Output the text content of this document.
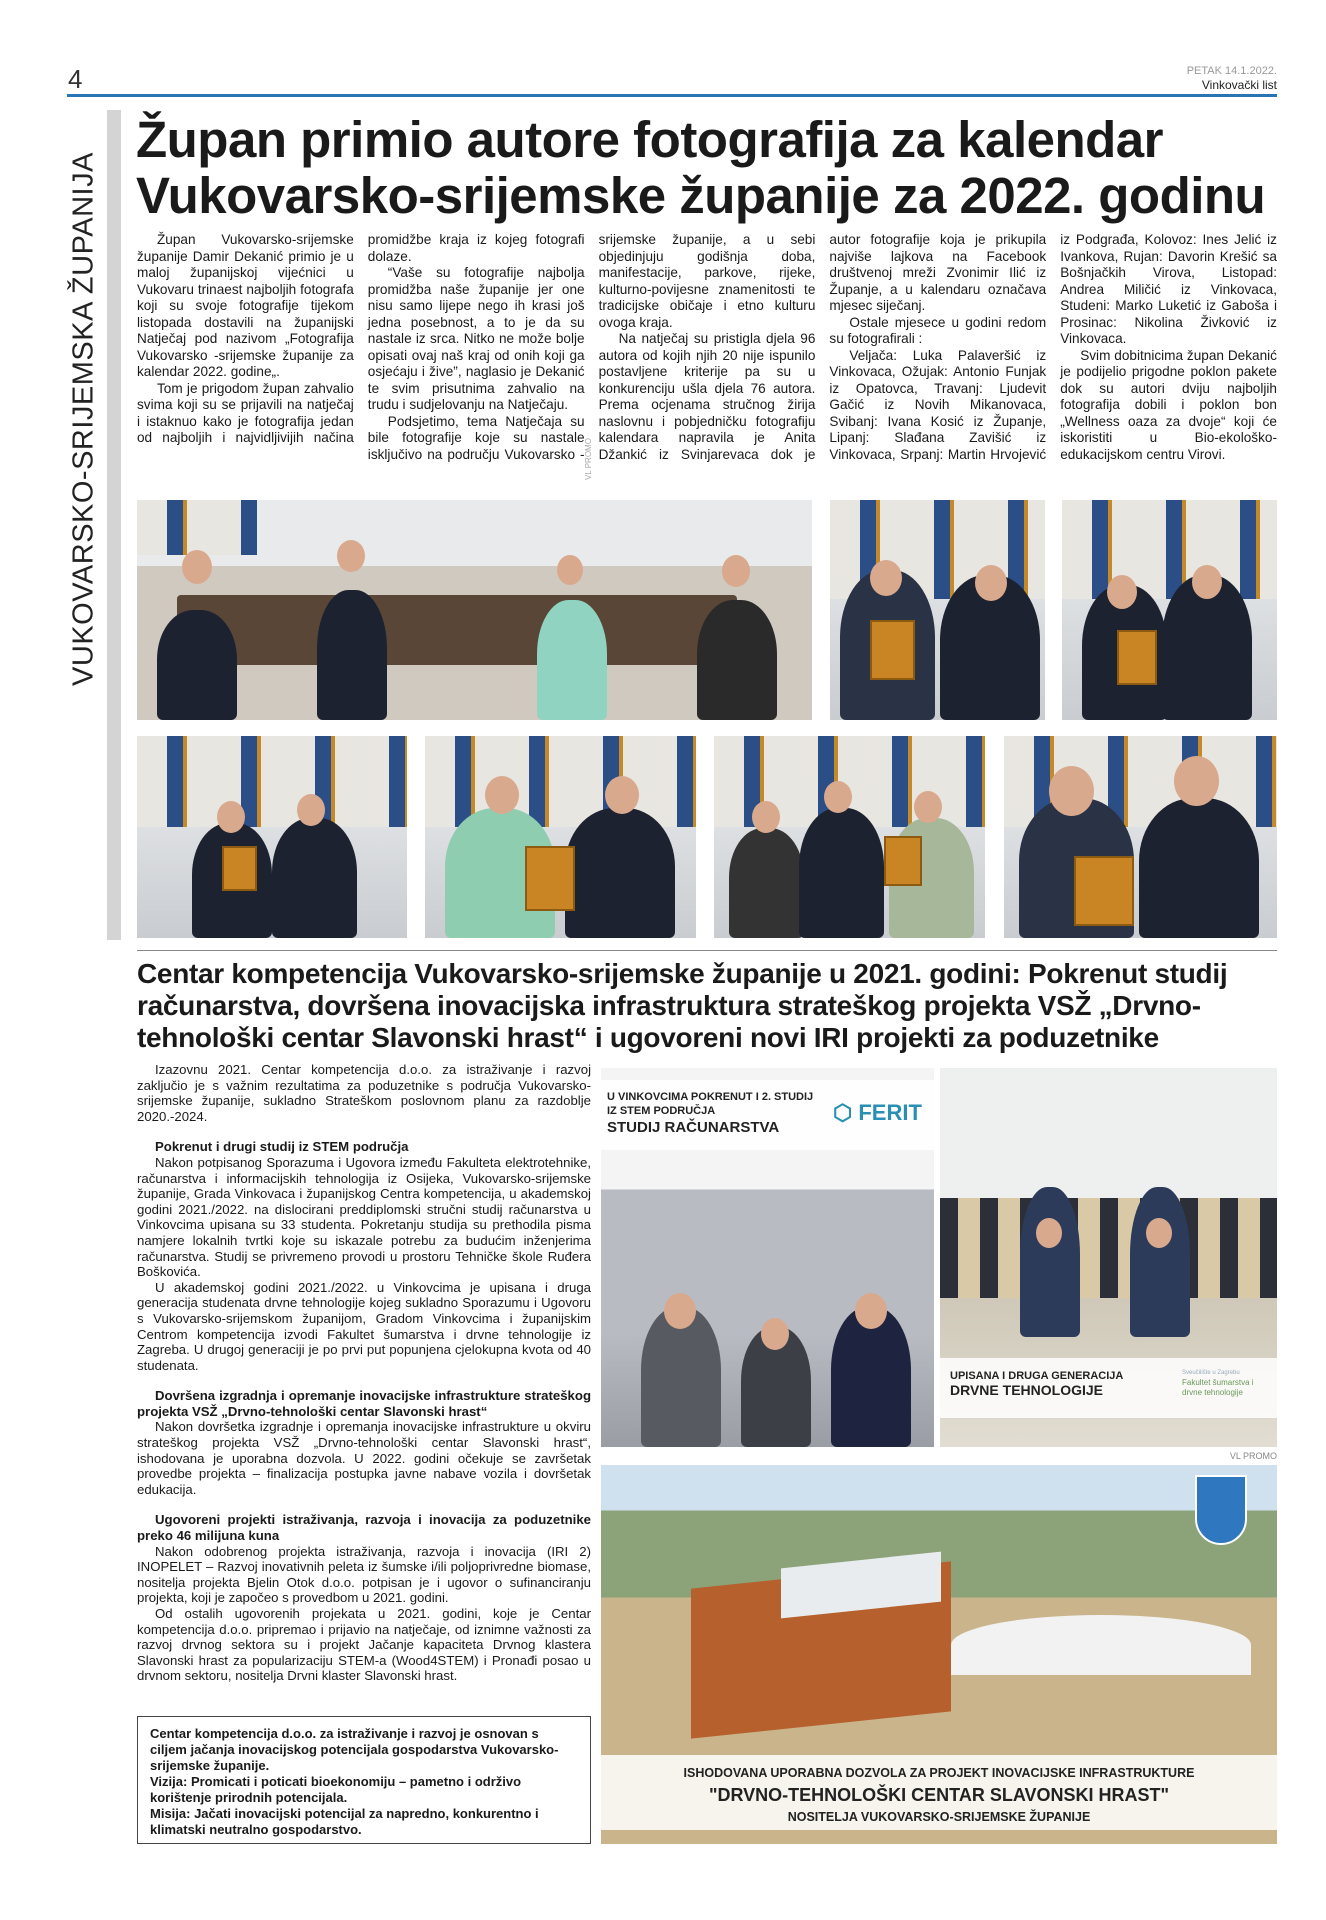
4	PETAK 14.1.2022.
Vinkovački list
VUKOVARSKO-SRIJEMSKA ŽUPANIJA
Župan primio autore fotografija za kalendar Vukovarsko-srijemske županije za 2022. godinu

Župan Vukovarsko-srijemske županije Damir Dekanić primio je u maloj županijskoj vijećnici u Vukovaru trinaest najboljih fotografa koji su svoje fotografije tijekom listopada dostavili na županijski Natječaj pod nazivom „Fotografija Vukovarsko -srijemske županije za kalendar 2022. godine„.

Tom je prigodom župan zahvalio svima koji su se prijavili na natječaj i istaknuo kako je fotografija jedan od najboljih i najvidljivijih načina promidžbe kraja iz kojeg fotografi dolaze.

“Vaše su fotografije najbolja promidžba naše županije jer one nisu samo lijepe nego ih krasi još jedna posebnost, a to je da su nastale iz srca. Nitko ne može bolje opisati ovaj naš kraj od onih koji ga osjećaju i žive”, naglasio je Dekanić te svim prisutnima zahvalio na trudu i sudjelovanju na Natječaju.

Podsjetimo, tema Natječaja su bile fotografije koje su nastale isključivo na području Vukovarsko -srijemske županije, a u sebi objedinjuju godišnja doba, manifestacije, parkove, rijeke, kulturno-povijesne znamenitosti te tradicijske običaje i etno kulturu ovoga kraja.

Na natječaj su pristigla djela 96 autora od kojih njih 20 nije ispunilo postavljene kriterije pa su u konkurenciju ušla djela 76 autora. Prema ocjenama stručnog žirija naslovnu i pobjedničku fotografiju kalendara napravila je Anita Džankić iz Svinjarevaca dok je autor fotografije koja je prikupila najviše lajkova na Facebook društvenoj mreži Zvonimir Ilić iz Županje, a u kalendaru označava mjesec siječanj.

Ostale mjesece u godini redom su fotografirali :

Veljača: Luka Palaveršić iz Vinkovaca, Ožujak: Antonio Funjak iz Opatovca, Travanj: Ljudevit Gačić iz Novih Mikanovaca, Svibanj: Ivana Kosić iz Županje, Lipanj: Slađana Zavišić iz Vinkovaca, Srpanj: Martin Hrvojević iz Podgrađa, Kolovoz: Ines Jelić iz Ivankova, Rujan: Davorin Krešić sa Bošnjačkih Virova, Listopad: Andrea Miličić iz Vinkovaca, Studeni: Marko Luketić iz Gaboša i Prosinac: Nikolina Živković iz Vinkovaca.

Svim dobitnicima župan Dekanić je podijelio prigodne poklon pakete dok su autori dviju najboljih fotografija dobili i poklon bon „Wellness oaza za dvoje“ koji će iskoristiti u Bio-ekološko-edukacijskom centru Virovi.

VL PROMO
Centar kompetencija Vukovarsko-srijemske županije u 2021. godini: Pokrenut studij računarstva, dovršena inovacijska infrastruktura strateškog projekta VSŽ „Drvno-tehnološki centar Slavonski hrast“ i ugovoreni novi IRI projekti za poduzetnike

Izazovnu 2021. Centar kompetencija d.o.o. za istraživanje i razvoj zaključio je s važnim rezultatima za poduzetnike s područja Vukovarsko-srijemske županije, sukladno Strateškom poslovnom planu za razdoblje 2020.-2024.

Pokrenut i drugi studij iz STEM područja

Nakon potpisanog Sporazuma i Ugovora između Fakulteta elektrotehnike, računarstva i informacijskih tehnologija iz Osijeka, Vukovarsko-srijemske županije, Grada Vinkovaca i županijskog Centra kompetencija, u akademskoj godini 2021./2022. na dislocirani preddiplomski stručni studij računarstva u Vinkovcima upisana su 33 studenta. Pokretanju studija su prethodila pisma namjere lokalnih tvrtki koje su iskazale potrebu za budućim inženjerima računarstva. Studij se privremeno provodi u prostoru Tehničke škole Ruđera Boškovića.

U akademskoj godini 2021./2022. u Vinkovcima je upisana i druga generacija studenata drvne tehnologije kojeg sukladno Sporazumu i Ugovoru s Vukovarsko-srijemskom županijom, Gradom Vinkovcima i županijskim Centrom kompetencija izvodi Fakultet šumarstva i drvne tehnologije iz Zagreba. U drugoj generaciji je po prvi put popunjena cjelokupna kvota od 40 studenata.

Dovršena izgradnja i opremanje inovacijske infrastrukture strateškog projekta VSŽ „Drvno-tehnološki centar Slavonski hrast“

Nakon dovršetka izgradnje i opremanja inovacijske infrastrukture u okviru strateškog projekta VSŽ „Drvno-tehnološki centar Slavonski hrast“, ishodovana je uporabna dozvola. U 2022. godini očekuje se završetak provedbe projekta – finalizacija postupka javne nabave vozila i dovršetak edukacija.

Ugovoreni projekti istraživanja, razvoja i inovacija za poduzetnike preko 46 milijuna kuna

Nakon odobrenog projekta istraživanja, razvoja i inovacija (IRI 2) INOPELET – Razvoj inovativnih peleta iz šumske i/ili poljoprivredne biomase, nositelja projekta Bjelin Otok d.o.o. potpisan je i ugovor o sufinanciranju projekta, koji je započeo s provedbom u 2021. godini.

Od ostalih ugovorenih projekata u 2021. godini, koje je Centar kompetencija d.o.o. pripremao i prijavio na natječaje, od iznimne važnosti za razvoj drvnog sektora su i projekt Jačanje kapaciteta Drvnog klastera Slavonski hrast za popularizaciju STEM-a (Wood4STEM) i Pronađi posao u drvnom sektoru, nositelja Drvni klaster Slavonski hrast.

Centar kompetencija d.o.o. za istraživanje i razvoj je osnovan s ciljem jačanja inovacijskog potencijala gospodarstva Vukovarsko-srijemske županije.
Vizija: Promicati i poticati bioekonomiju – pametno i održivo korištenje prirodnih potencijala.
Misija: Jačati inovacijski potencijal za napredno, konkurentno i klimatski neutralno gospodarstvo.
U VINKOVCIMA POKRENUT I 2. STUDIJ
IZ STEM PODRUČJA
STUDIJ RAČUNARSTVA
⬡ FERIT
UPISANA I DRUGA GENERACIJA
DRVNE TEHNOLOGIJE
Sveučilište u Zagrebu
Fakultet šumarstva i drvne tehnologije
VL PROMO
ISHODOVANA UPORABNA DOZVOLA ZA PROJEKT INOVACIJSKE INFRASTRUKTURE
"DRVNO-TEHNOLOŠKI CENTAR SLAVONSKI HRAST"
NOSITELJA VUKOVARSKO-SRIJEMSKE ŽUPANIJE
